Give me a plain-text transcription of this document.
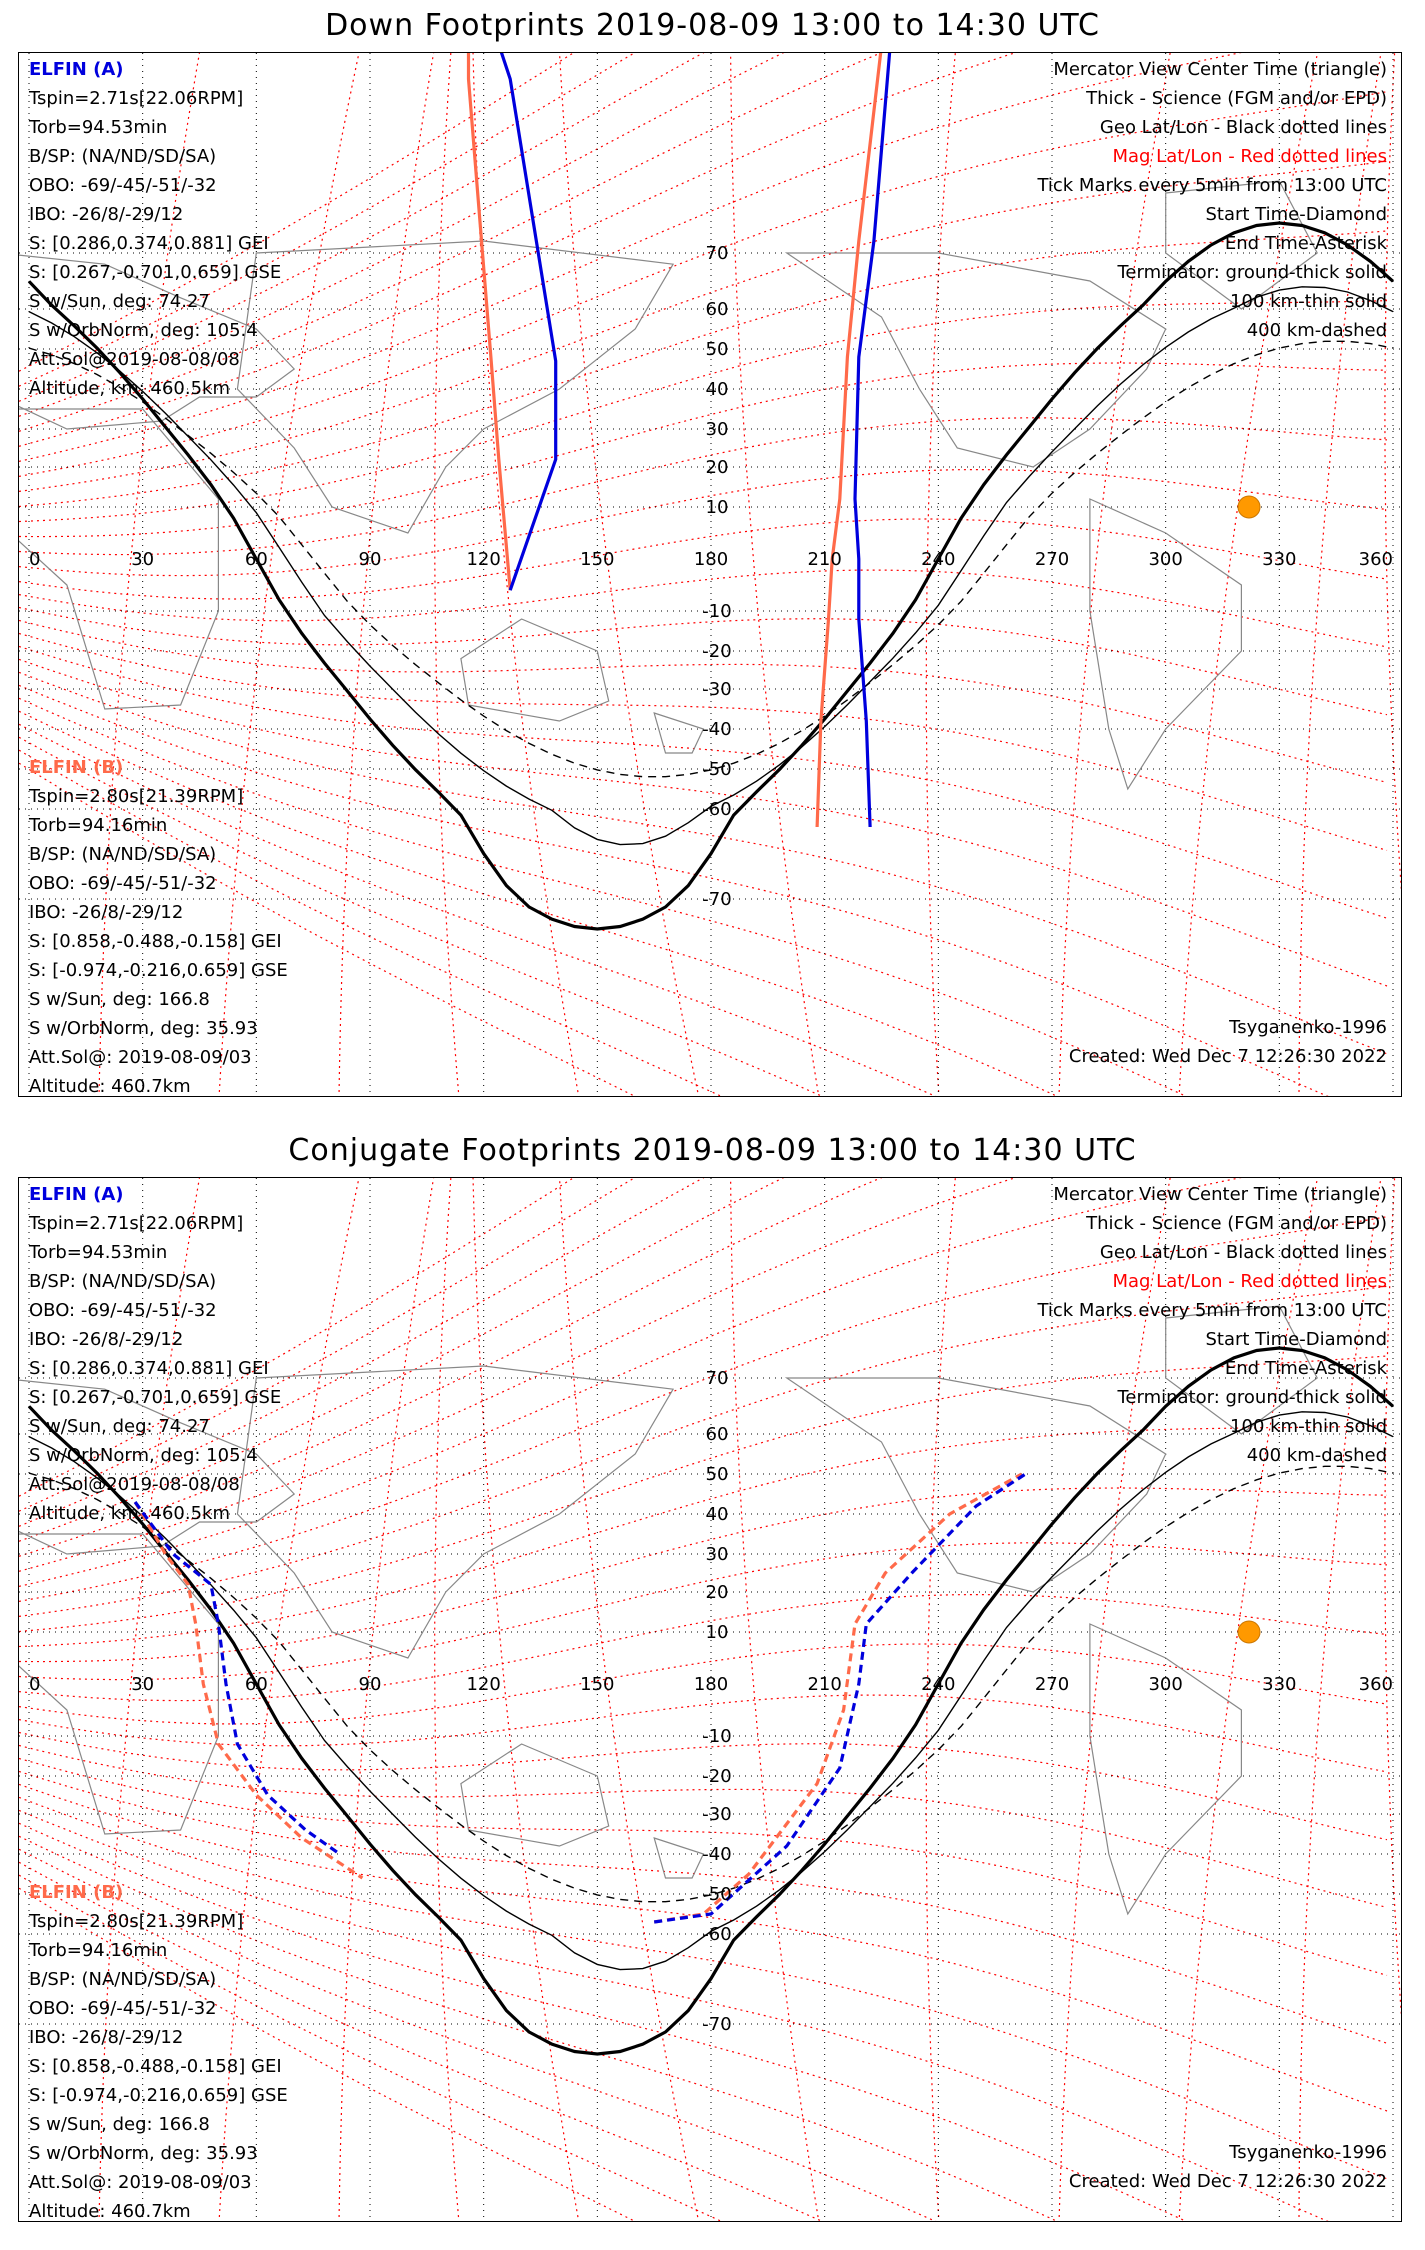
Down Footprints 2019-08-09 13:00 to 14:30 UTC
0	30	60	90	120	150	180	210	240	270	300	330	360
70
60
50
40
30
20
10
-10
-20
-30
-40
-50
-60
-70
ELFIN (A)
Tspin=2.71s[22.06RPM]
Torb=94.53min
B/SP: (NA/ND/SD/SA)
OBO: -69/-45/-51/-32
IBO: -26/8/-29/12
S: [0.286,0.374,0.881] GEI
S: [0.267,-0.701,0.659] GSE
S w/Sun, deg: 74.27
S w/OrbNorm, deg: 105.4
Att.Sol@2019-08-08/08
Altitude, km: 460.5km
ELFIN (B)
Tspin=2.80s[21.39RPM]
Torb=94.16min
B/SP: (NA/ND/SD/SA)
OBO: -69/-45/-51/-32
IBO: -26/8/-29/12
S: [0.858,-0.488,-0.158] GEI
S: [-0.974,-0.216,0.659] GSE
S w/Sun, deg: 166.8
S w/OrbNorm, deg: 35.93
Att.Sol@: 2019-08-09/03
Altitude: 460.7km
Mercator View Center Time (triangle)
Thick - Science (FGM and/or EPD)
Geo Lat/Lon - Black dotted lines
Mag Lat/Lon - Red dotted lines
Tick Marks every 5min from 13:00 UTC
Start Time-Diamond
End Time-Asterisk
Terminator: ground-thick solid
100 km-thin solid
400 km-dashed
Tsyganenko-1996
Created: Wed Dec 7 12:26:30 2022
Conjugate Footprints 2019-08-09 13:00 to 14:30 UTC
0	30	60	90	120	150	180	210	240	270	300	330	360
70
60
50
40
30
20
10
-10
-20
-30
-40
-50
-60
-70
ELFIN (A)
Tspin=2.71s[22.06RPM]
Torb=94.53min
B/SP: (NA/ND/SD/SA)
OBO: -69/-45/-51/-32
IBO: -26/8/-29/12
S: [0.286,0.374,0.881] GEI
S: [0.267,-0.701,0.659] GSE
S w/Sun, deg: 74.27
S w/OrbNorm, deg: 105.4
Att.Sol@2019-08-08/08
Altitude, km: 460.5km
ELFIN (B)
Tspin=2.80s[21.39RPM]
Torb=94.16min
B/SP: (NA/ND/SD/SA)
OBO: -69/-45/-51/-32
IBO: -26/8/-29/12
S: [0.858,-0.488,-0.158] GEI
S: [-0.974,-0.216,0.659] GSE
S w/Sun, deg: 166.8
S w/OrbNorm, deg: 35.93
Att.Sol@: 2019-08-09/03
Altitude: 460.7km
Mercator View Center Time (triangle)
Thick - Science (FGM and/or EPD)
Geo Lat/Lon - Black dotted lines
Mag Lat/Lon - Red dotted lines
Tick Marks every 5min from 13:00 UTC
Start Time-Diamond
End Time-Asterisk
Terminator: ground-thick solid
100 km-thin solid
400 km-dashed
Tsyganenko-1996
Created: Wed Dec 7 12:26:30 2022
